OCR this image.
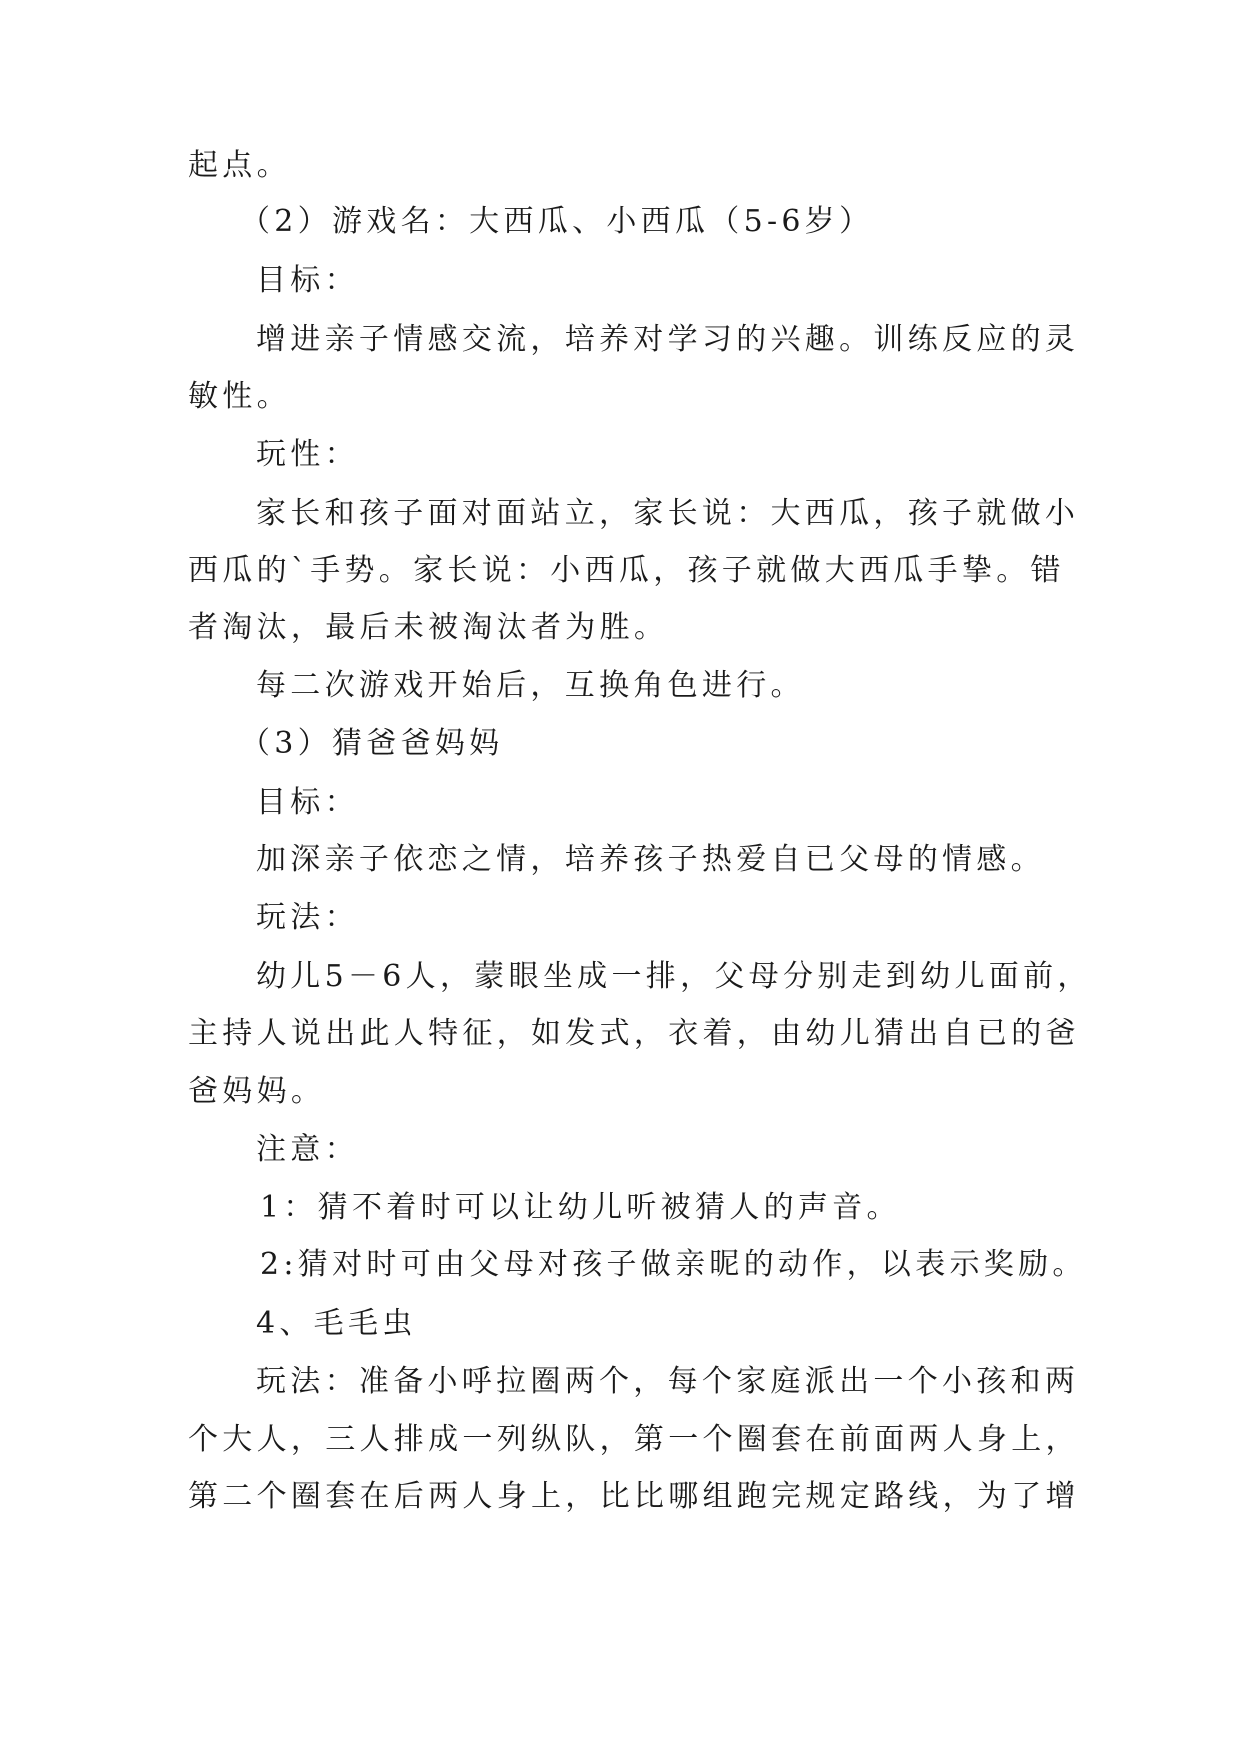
起点。
（2）游戏名：大西瓜、小西瓜（5-6岁）
目标：
增进亲子情感交流，培养对学习的兴趣。训练反应的灵
敏性。
玩性：
家长和孩子面对面站立，家长说：大西瓜，孩子就做小
西瓜的`手势。家长说：小西瓜，孩子就做大西瓜手挚。错
者淘汰，最后未被淘汰者为胜。
每二次游戏开始后，互换角色进行。
（3）猜爸爸妈妈
目标：
加深亲子依恋之情，培养孩子热爱自已父母的情感。
玩法：
幼儿5－6人，蒙眼坐成一排，父母分别走到幼儿面前，
主持人说出此人特征，如发式，衣着，由幼儿猜出自已的爸
爸妈妈。
注意：
1：猜不着时可以让幼儿听被猜人的声音。
2:猜对时可由父母对孩子做亲昵的动作，以表示奖励。
4、毛毛虫
玩法：准备小呼拉圈两个，每个家庭派出一个小孩和两
个大人，三人排成一列纵队，第一个圈套在前面两人身上，
第二个圈套在后两人身上，比比哪组跑完规定路线，为了增
